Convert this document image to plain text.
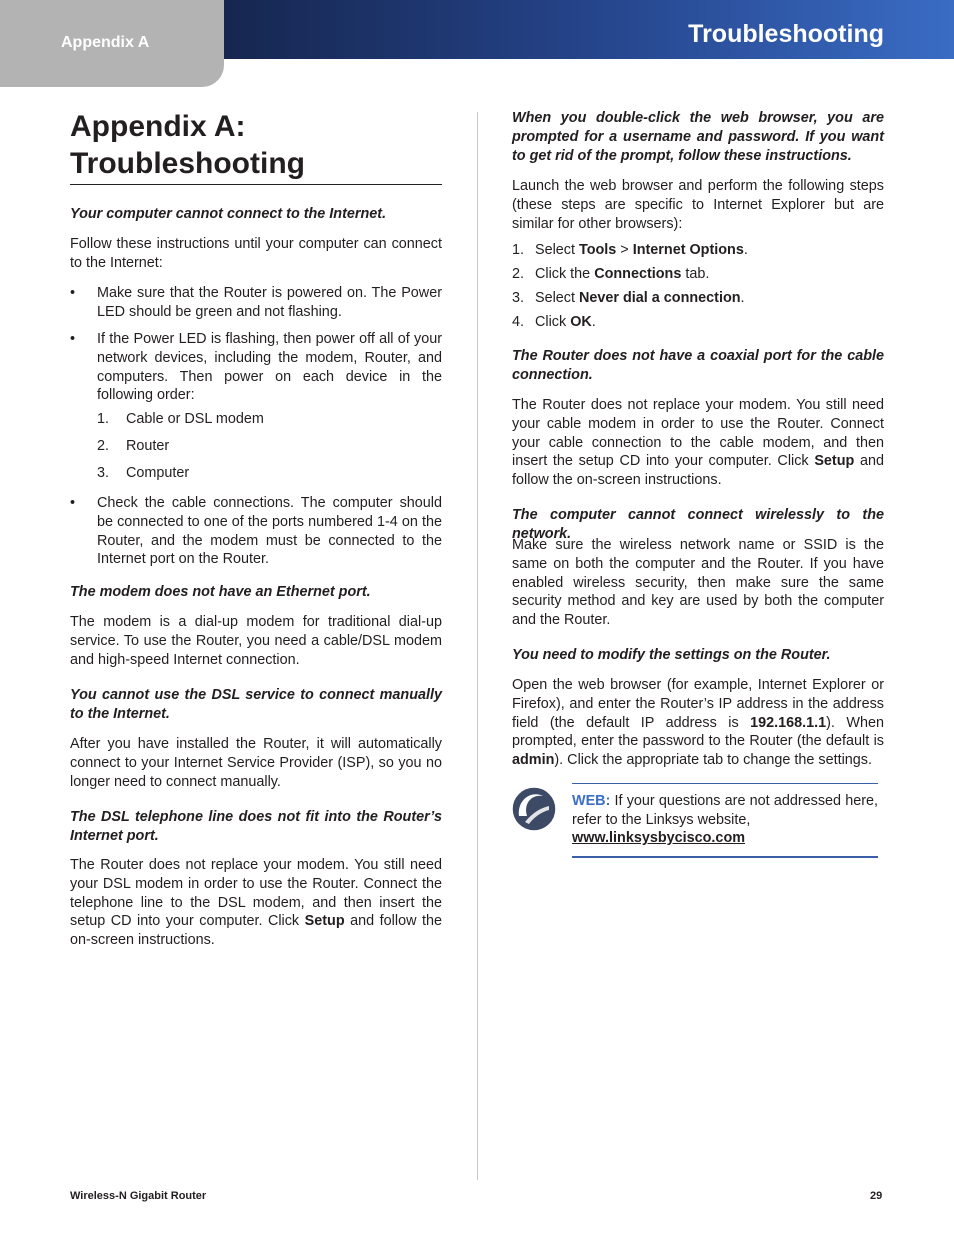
Appendix A	Troubleshooting
Appendix A:
Troubleshooting

Your computer cannot connect to the Internet.

Follow these instructions until your computer can connect to the Internet:

• Make sure that the Router is powered on. The Power LED should be green and not flashing.

• If the Power LED is flashing, then power off all of your network devices, including the modem, Router, and computers. Then power on each device in the following order:

1. Cable or DSL modem
2. Router
3. Computer
• Check the cable connections. The computer should be connected to one of the ports numbered 1-4 on the Router, and the modem must be connected to the Internet port on the Router.

The modem does not have an Ethernet port.

The modem is a dial-up modem for traditional dial-up service. To use the Router, you need a cable/DSL modem and high-speed Internet connection.

You cannot use the DSL service to connect manually to the Internet.

After you have installed the Router, it will automatically connect to your Internet Service Provider (ISP), so you no longer need to connect manually.

The DSL telephone line does not fit into the Router’s Internet port.

The Router does not replace your modem. You still need your DSL modem in order to use the Router. Connect the telephone line to the DSL modem, and then insert the setup CD into your computer. Click Setup and follow the on-screen instructions.

When you double-click the web browser, you are prompted for a username and password. If you want to get rid of the prompt, follow these instructions.

Launch the web browser and perform the following steps (these steps are specific to Internet Explorer but are similar for other browsers):

1. Select Tools > Internet Options.
2. Click the Connections tab.
3. Select Never dial a connection.
4. Click OK.

The Router does not have a coaxial port for the cable connection.

The Router does not replace your modem. You still need your cable modem in order to use the Router. Connect your cable connection to the cable modem, and then insert the setup CD into your computer. Click Setup and follow the on-screen instructions.

The computer cannot connect wirelessly to the network.

Make sure the wireless network name or SSID is the same on both the computer and the Router. If you have enabled wireless security, then make sure the same security method and key are used by both the computer and the Router.

You need to modify the settings on the Router.

Open the web browser (for example, Internet Explorer or Firefox), and enter the Router’s IP address in the address field (the default IP address is 192.168.1.1). When prompted, enter the password to the Router (the default is admin). Click the appropriate tab to change the settings.

WEB: If your questions are not addressed here, refer to the Linksys website,

www.linksysbycisco.com
Wireless-N Gigabit Router	29
